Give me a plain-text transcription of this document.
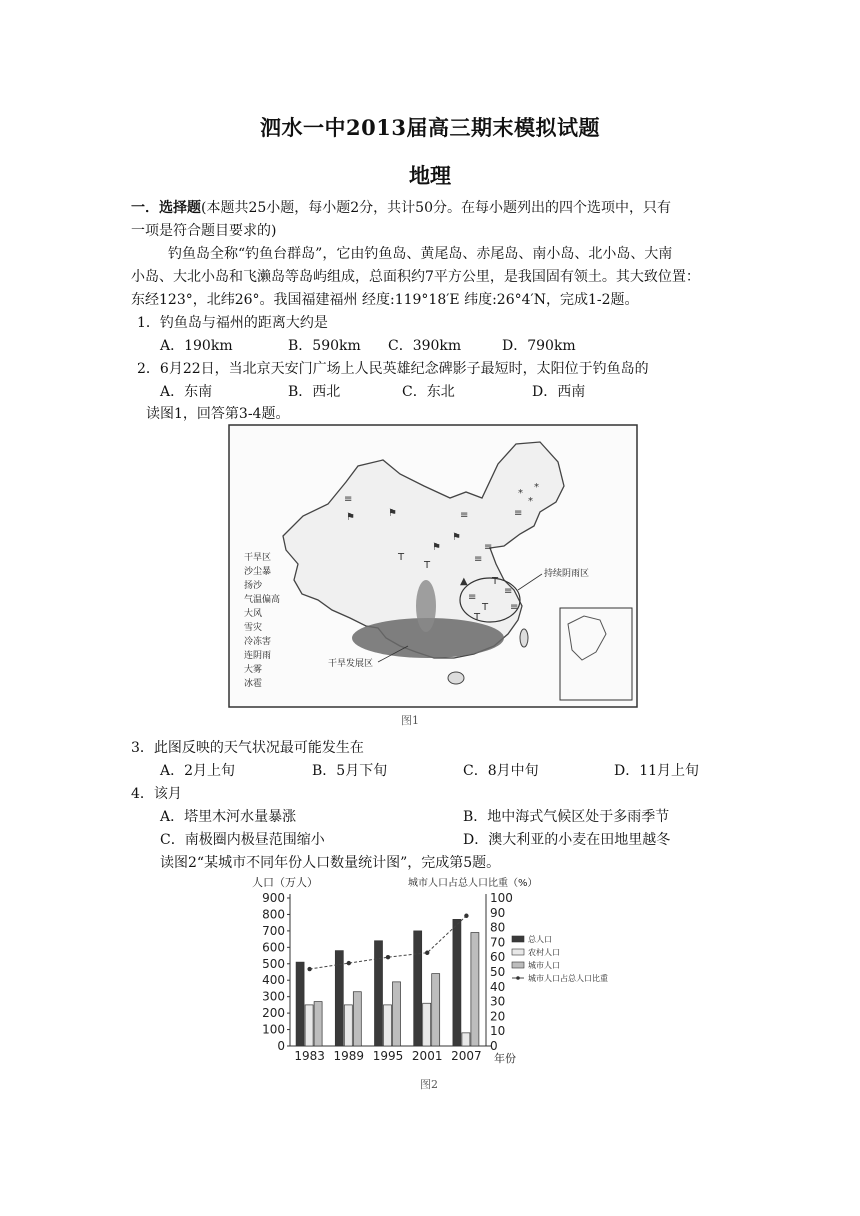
泗水一中2013届高三期末模拟试题
地理
一．选择题(本题共25小题，每小题2分，共计50分。在每小题列出的四个选项中，只有
一项是符合题目要求的)
钓鱼岛全称“钓鱼台群岛”，它由钓鱼岛、黄尾岛、赤尾岛、南小岛、北小岛、大南
小岛、大北小岛和飞濑岛等岛屿组成，总面积约7平方公里，是我国固有领土。其大致位置：
东经123°，北纬26°。我国福建福州 经度:119°18′E 纬度:26°4′N，完成1-2题。
1．钓鱼岛与福州的距离大约是
A．190km	B．590km C．390km	D．790km
2．6月22日，当北京天安门广场上人民英雄纪念碑影子最短时，太阳位于钓鱼岛的
A．东南	B．西北	C．东北	D．西南
读图1，回答第3-4题。
≡
⚑
⚑
⚑
⚑
≡
*
*
*
≡
T
T
≡
≡
T
≡
T
≡
T
≡
▲
干旱区
沙尘暴
扬沙
气温偏高
大风
雪灾
冷冻害
连阴雨
大雾
冰雹
干旱发展区
持续阴雨区
图1
3．此图反映的天气状况最可能发生在
A．2月上旬	B．5月下旬	C．8月中旬	D．11月上旬
4．该月
A．塔里木河水量暴涨	B．地中海式气候区处于多雨季节
C．南极圈内极昼范围缩小	D．澳大利亚的小麦在田地里越冬
读图2“某城市不同年份人口数量统计图”，完成第5题。
人口（万人）	城市人口占总人口比重（%）
年份
0
100
200
300
400
500
600
700
800
900
0
10
20
30
40
50
60
70
80
90
100
1983 1989 1995 2001 2007
总人口
农村人口
城市人口
城市人口占总人口比重
图2
